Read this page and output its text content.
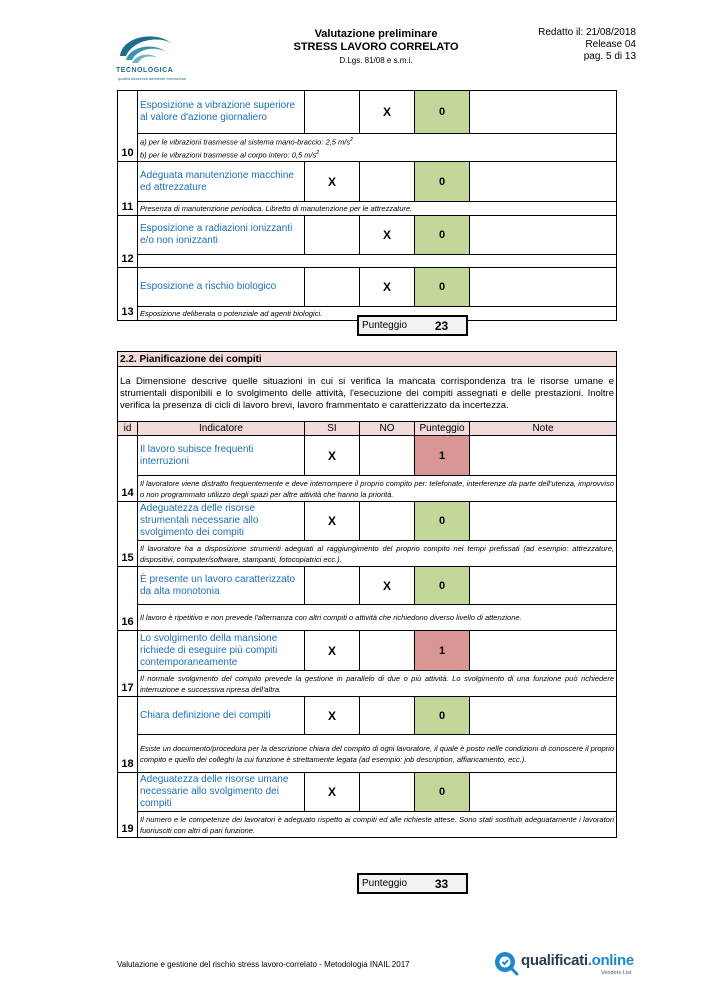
TECNOLOGICA
qualità sicurezza ambiente formazione
Valutazione preliminare
STRESS LAVORO CORRELATO
D.Lgs. 81/08 e s.m.i.
Redatto il: 21/08/2018
Release 04
pag. 5 di 13
10	Esposizione a vibrazione superiore al valore d'azione giornaliero		X	0	

	a) per le vibrazioni trasmesse al sistema mano-braccio: 2,5 $m/s^2$
b) per le vibrazioni trasmesse al corpo intero: 0,5 $m/s^2$

11	Adeguata manutenzione macchine ed attrezzature	X		0	
	Presenza di manutenzione periodica. Libretto di manutenzione per le attrezzature.				
12	Esposizione a radiazioni ionizzanti e/o non ionizzanti		X	0	

13	Esposizione a rischio biologico		X	0	
	Esposizione deliberata o potenziale ad agenti biologici.				
Punteggio	23
2.2. Pianificazione dei compiti					
La Dimensione descrive quelle situazioni in cui si verifica la mancata corrispondenza tra le risorse umane e strumentali disponibili e lo svolgimento delle attività, l'esecuzione dei compiti assegnati e delle prestazioni. Inoltre verifica la presenza di cicli di lavoro brevi, lavoro frammentato e caratterizzato da incertezza.					
id	Indicatore	SI	NO	Punteggio	Note
14	Il lavoro subisce frequenti interruzioni	X		1	
	Il lavoratore viene distratto frequentemente e deve interrompere il proprio compito per: telefonate, interferenze da parte dell'utenza, improvviso o non programmato utilizzo degli spazi per altre attività che hanno la priorità.				
15	Adeguatezza delle risorse strumentali necessarie allo svolgimento dei compiti	X		0	
	Il lavoratore ha a disposizione strumenti adeguati al raggiungimento del proprio compito nei tempi prefissati (ad esempio: attrezzature, dispositivi, computer/software, stampanti, fotocopiatrici ecc.).				
16	È presente un lavoro caratterizzato da alta monotonia		X	0	
	Il lavoro è ripetitivo e non prevede l'alternanza con altri compiti o attività che richiedono diverso livello di attenzione.				
17	Lo svolgimento della mansione richiede di eseguire più compiti contemporaneamente	X		1	
	Il normale svolgimento del compito prevede la gestione in parallelo di due o più attività. Lo svolgimento di una funzione può richiedere interruzione e successiva ripresa dell'altra.				
18	Chiara definizione dei compiti	X		0	
	Esiste un documento/procedura per la descrizione chiara del compito di ogni lavoratore, il quale è posto nelle condizioni di conoscere il proprio compito e quello dei colleghi la cui funzione è strettamente legata (ad esempio: job description, affiancamento, ecc.).				
19	Adeguatezza delle risorse umane necessarie allo svolgimento dei compiti	X		0	
	Il numero e le competenze dei lavoratori è adeguato rispetto ai compiti ed alle richieste attese. Sono stati sostituiti adeguatamente i lavoratori fuoriusciti con altri di pari funzione.				
Punteggio	33
Valutazione e gestione del rischio stress lavoro-correlato - Metodologia INAIL 2017	qualificati.online
Vendors List
